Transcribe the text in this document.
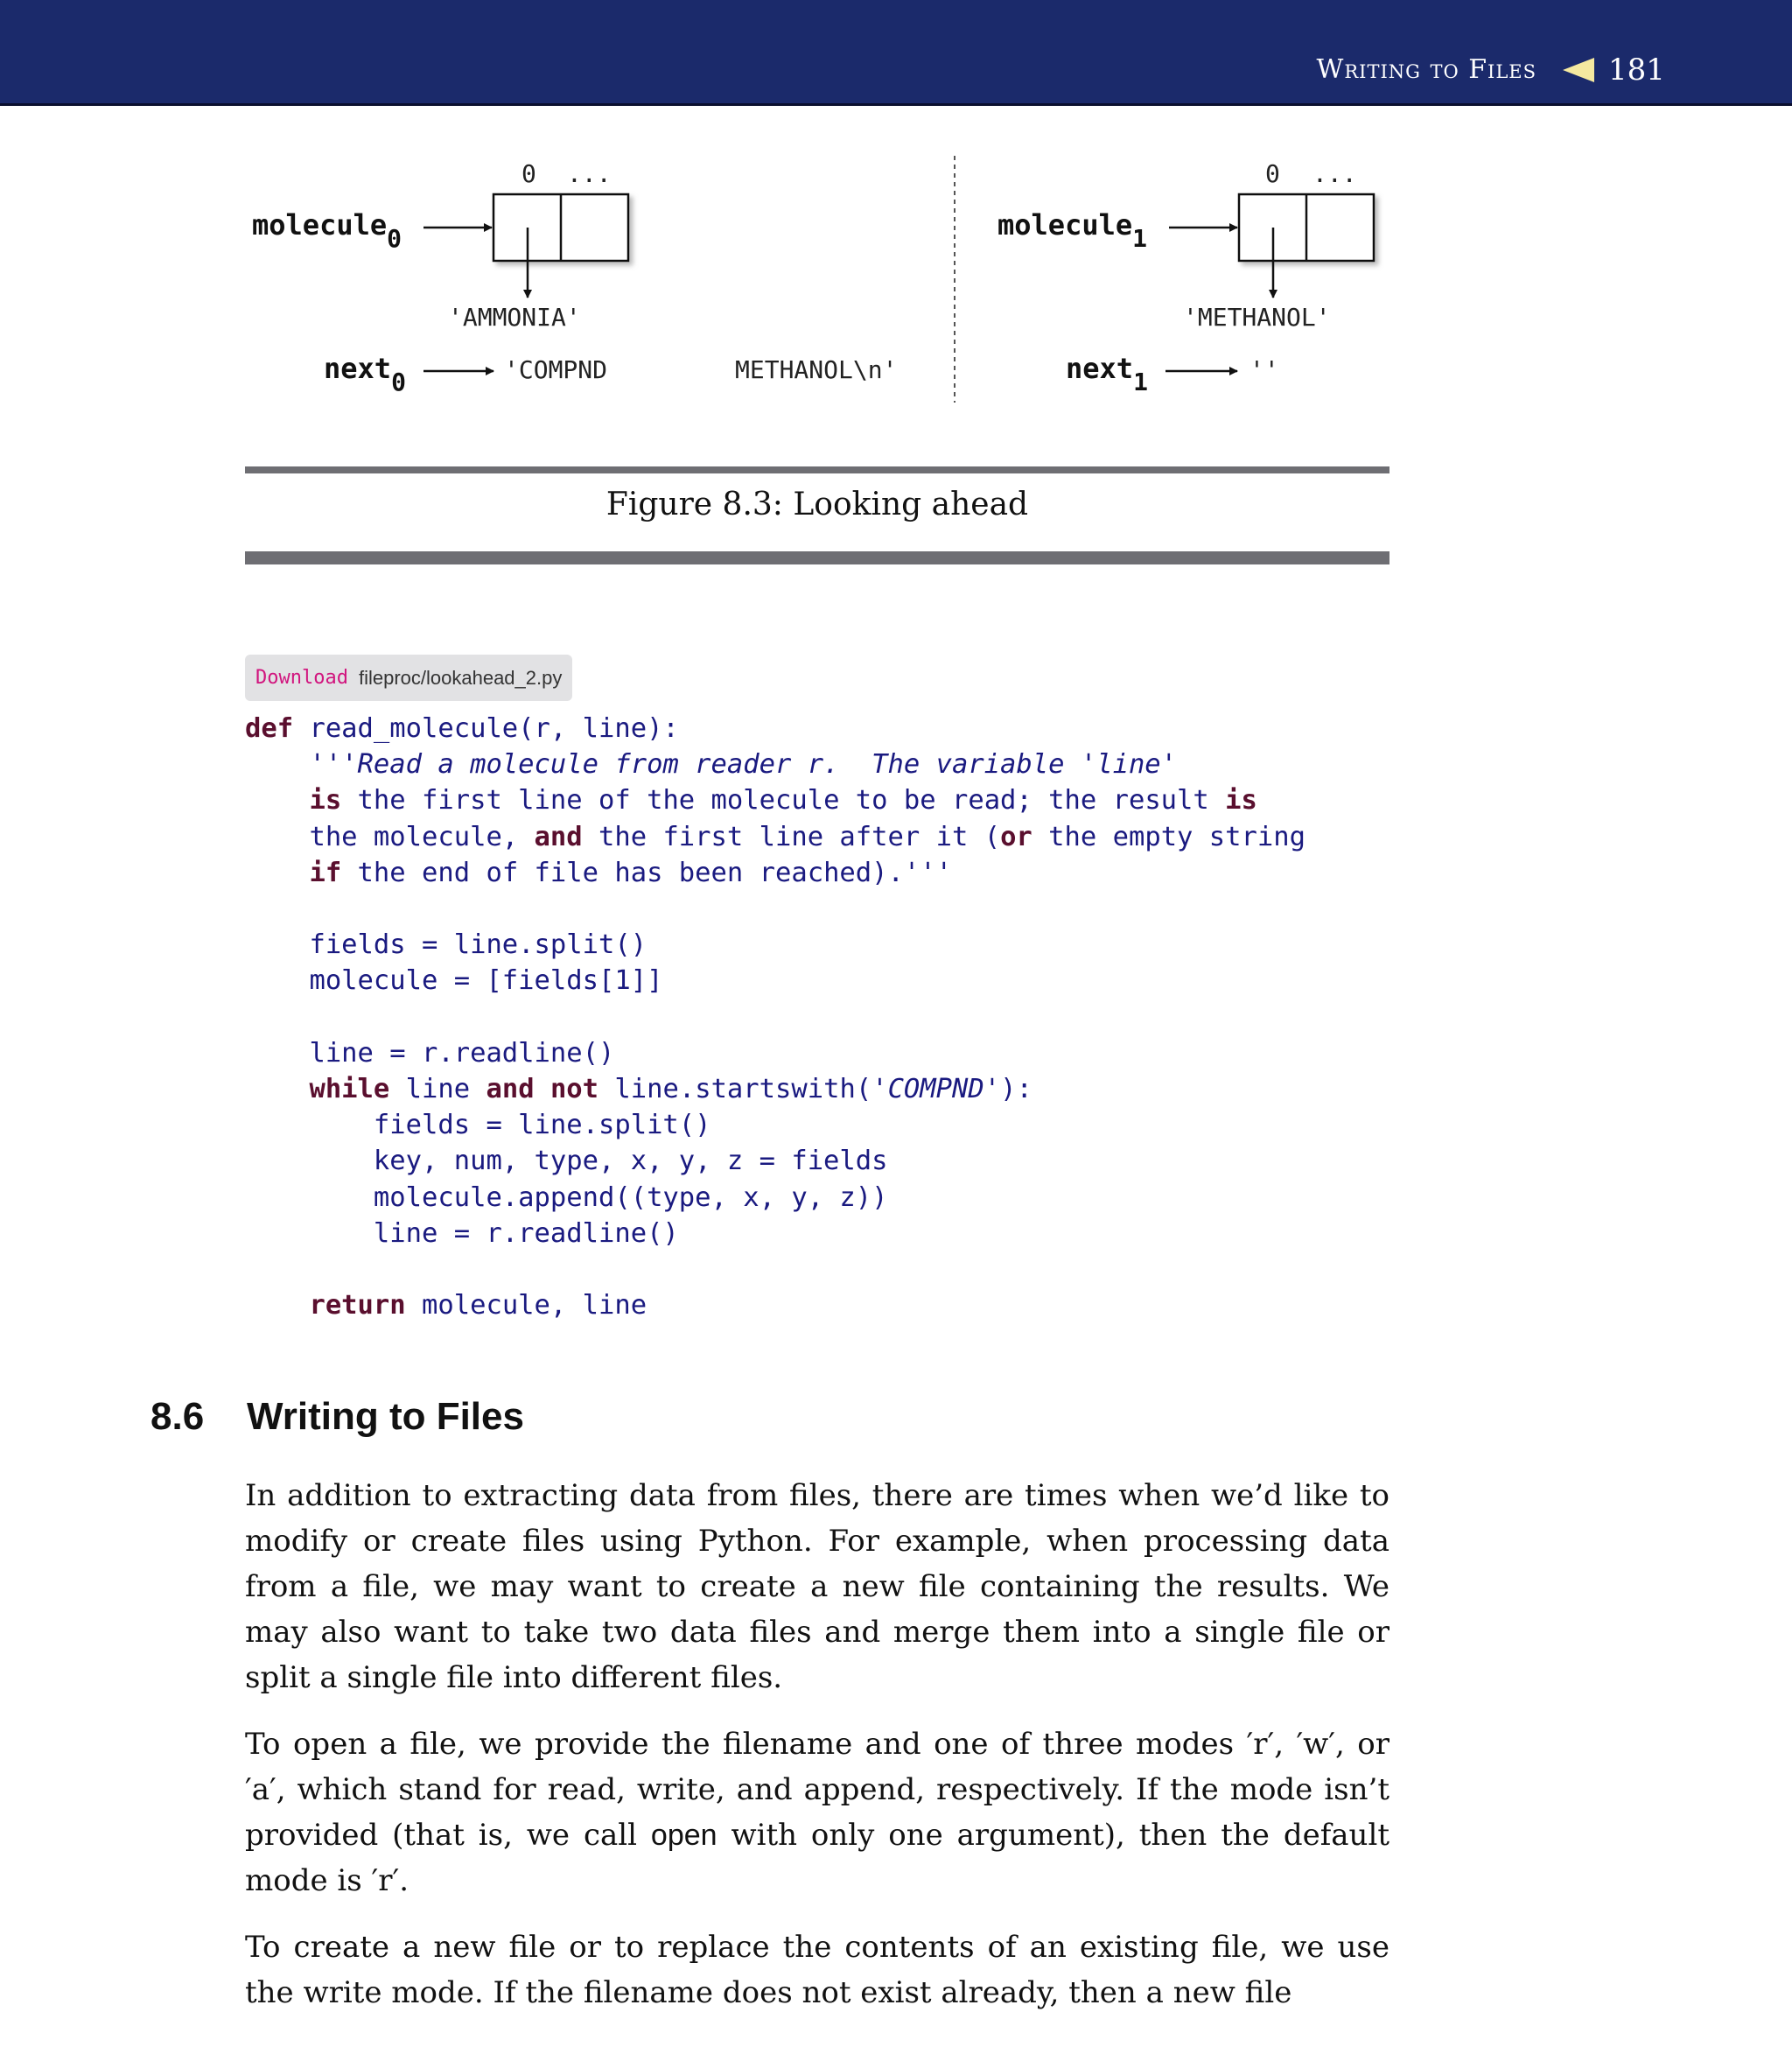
Writing to Files 181
0 ...
molecule0
'AMMONIA'
next0	'COMPND	METHANOL\n'
0 ...
molecule1
'METHANOL'
next1	''
Figure 8.3: Looking ahead
Download fileproc/lookahead_2.py
def read_molecule(r, line):
'''Read a molecule from reader r.  The variable 'line'
is the first line of the molecule to be read; the result is
the molecule, and the first line after it (or the empty string
if the end of file has been reached).'''

fields = line.split()
molecule = [fields[1]]

line = r.readline()
while line and not line.startswith('COMPND'):
fields = line.split()
key, num, type, x, y, z = fields
molecule.append((type, x, y, z))
line = r.readline()

return molecule, line
8.6 Writing to Files

In addition to extracting data from files, there are times when we’d like to modify or create files using Python. For example, when processing data from a file, we may want to create a new file containing the results. We may also want to take two data files and merge them into a single file or split a single file into different files.

To open a file, we provide the filename and one of three modes ′r′, ′w′, or ′a′, which stand for read, write, and append, respectively. If the mode isn’t provided (that is, we call open with only one argument), then the default mode is ′r′.

To create a new file or to replace the contents of an existing file, we use the write mode. If the filename does not exist already, then a new file
